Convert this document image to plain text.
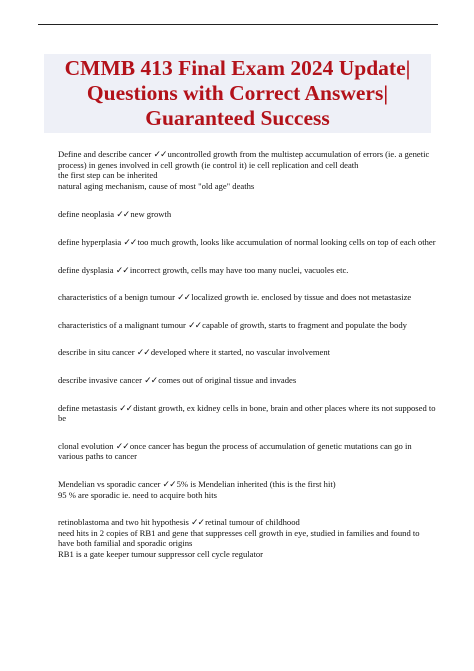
CMMB 413 Final Exam 2024 Update|
Questions with Correct Answers|
Guaranteed Success
Define and describe cancer ✓✓uncontrolled growth from the multistep accumulation of errors (ie. a genetic process) in genes involved in cell growth (ie control it) ie cell replication and cell death
the first step can be inherited
natural aging mechanism, cause of most "old age" deaths
define neoplasia ✓✓new growth
define hyperplasia ✓✓too much growth, looks like accumulation of normal looking cells on top of each other
define dysplasia ✓✓incorrect growth, cells may have too many nuclei, vacuoles etc.
characteristics of a benign tumour ✓✓localized growth ie. enclosed by tissue and does not metastasize
characteristics of a malignant tumour ✓✓capable of growth, starts to fragment and populate the body
describe in situ cancer ✓✓developed where it started, no vascular involvement
describe invasive cancer ✓✓comes out of original tissue and invades
define metastasis ✓✓distant growth, ex kidney cells in bone, brain and other places where its not supposed to be
clonal evolution ✓✓once cancer has begun the process of accumulation of genetic mutations can go in various paths to cancer
Mendelian vs sporadic cancer ✓✓5% is Mendelian inherited (this is the first hit)
95 % are sporadic ie. need to acquire both hits
retinoblastoma and two hit hypothesis ✓✓retinal tumour of childhood
need hits in 2 copies of RB1 and gene that suppresses cell growth in eye, studied in families and found to have both familial and sporadic origins
RB1 is a gate keeper tumour suppressor cell cycle regulator
